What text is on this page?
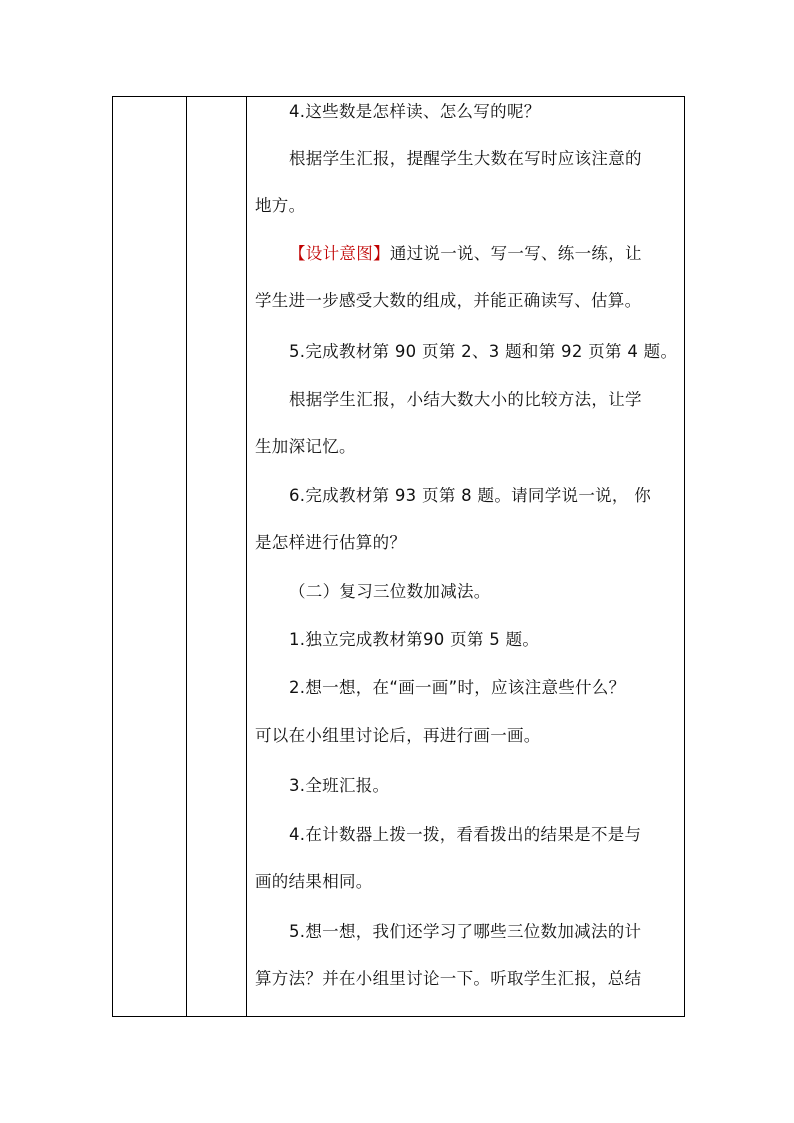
4.这些数是怎样读、怎么写的呢？
根据学生汇报，提醒学生大数在写时应该注意的
地方。
【设计意图】通过说一说、写一写、练一练，让
学生进一步感受大数的组成，并能正确读写、估算。
5.完成教材第 90 页第 2、3 题和第 92 页第 4 题。
根据学生汇报，小结大数大小的比较方法，让学
生加深记忆。
6.完成教材第 93 页第 8 题。请同学说一说， 你
是怎样进行估算的？
（二）复习三位数加减法。
1.独立完成教材第90 页第 5 题。
2.想一想，在“画一画”时，应该注意些什么？
可以在小组里讨论后，再进行画一画。
3.全班汇报。
4.在计数器上拨一拨，看看拨出的结果是不是与
画的结果相同。
5.想一想，我们还学习了哪些三位数加减法的计
算方法？并在小组里讨论一下。听取学生汇报，总结
